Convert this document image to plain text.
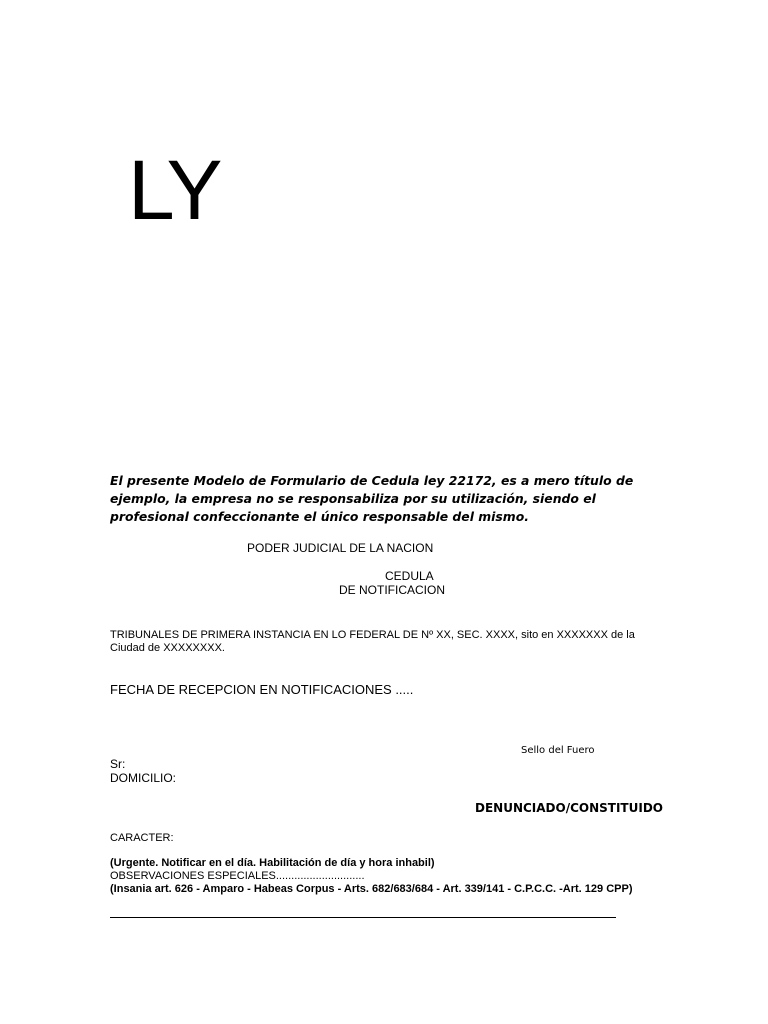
LY

El presente Modelo de Formulario de Cedula ley 22172, es a mero título de ejemplo, la empresa no se responsabiliza por su utilización, siendo el profesional confeccionante el único responsable del mismo.

PODER JUDICIAL DE LA NACION
CEDULA
DE NOTIFICACION

TRIBUNALES DE PRIMERA INSTANCIA EN LO FEDERAL DE Nº XX, SEC. XXXX, sito en XXXXXXX de la Ciudad de XXXXXXXX.

FECHA DE RECEPCION EN NOTIFICACIONES .....
Sello del Fuero
Sr:
DOMICILIO:
DENUNCIADO/CONSTITUIDO
CARACTER:
(Urgente. Notificar en el día. Habilitación de día y hora inhabil)
OBSERVACIONES ESPECIALES.............................

(Insania art. 626 - Amparo - Habeas Corpus - Arts. 682/683/684 - Art. 339/141 - C.P.C.C. -Art. 129 CPP)
